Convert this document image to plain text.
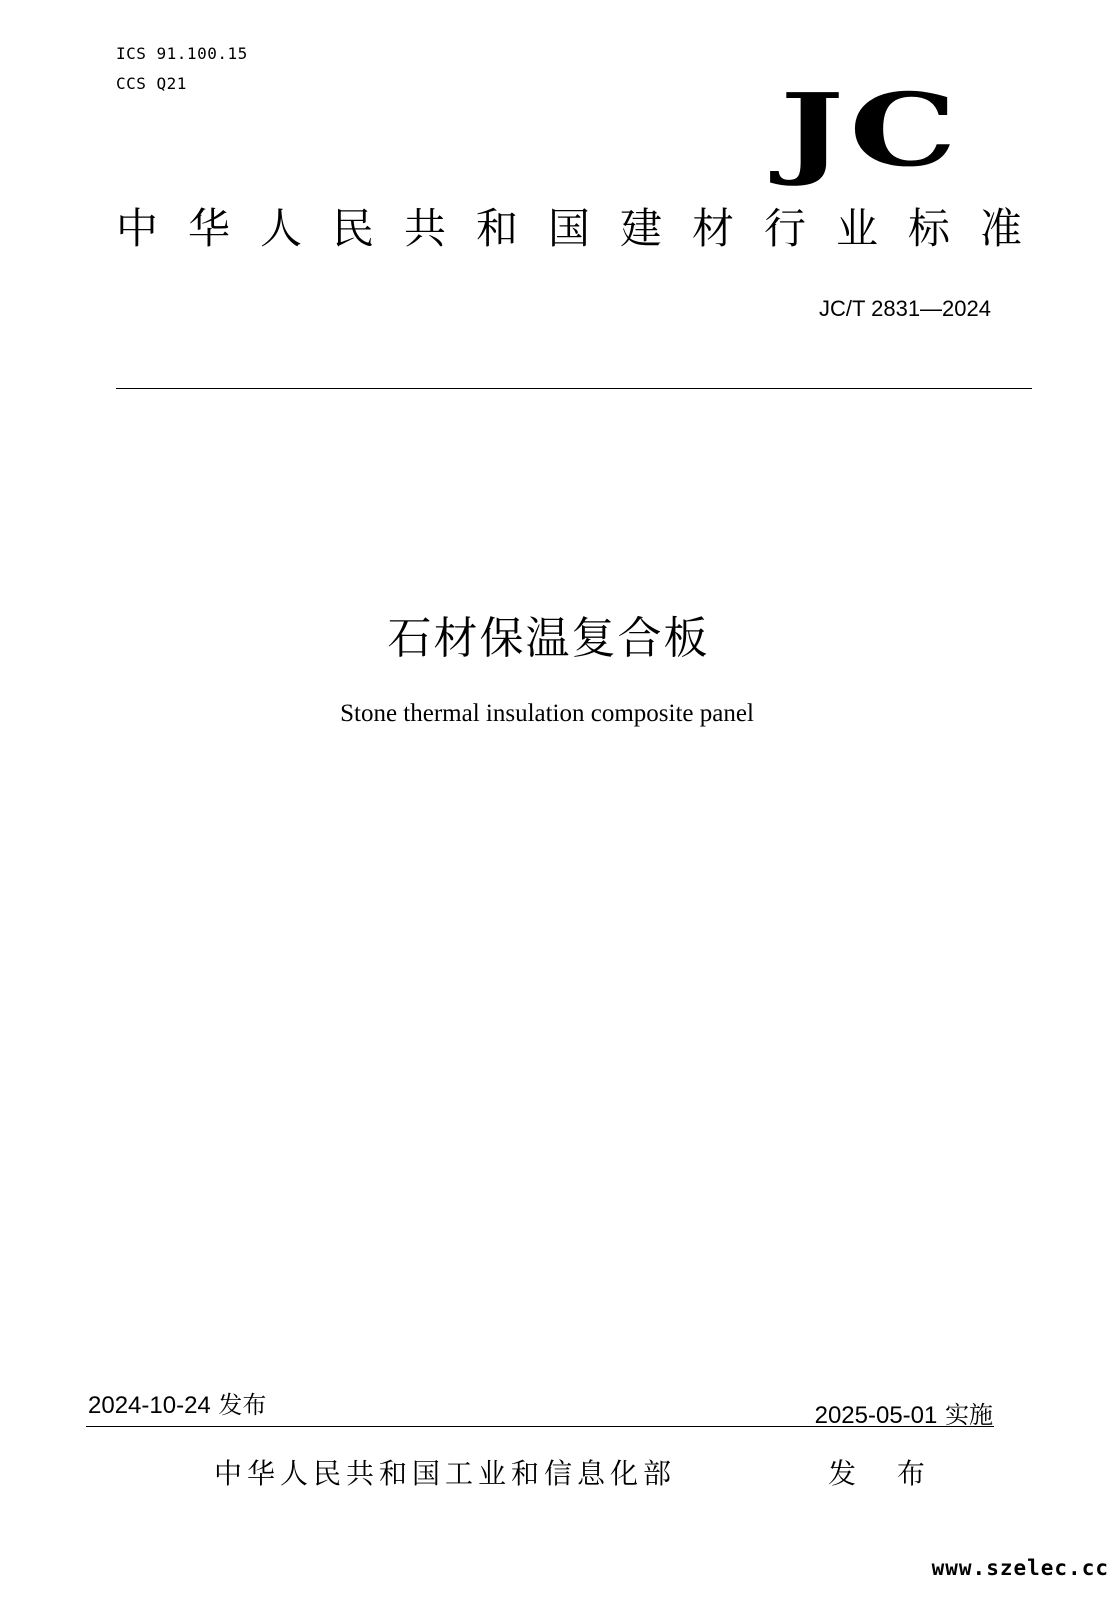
ICS 91.100.15
CCS Q21	JC
中华人民共和国建材行业标准
JC/T 2831—2024
石材保温复合板
Stone thermal insulation composite panel
2024-10-24 发布	2025-05-01 实施
中华人民共和国工业和信息化部	发 布
www.szelec.cc
